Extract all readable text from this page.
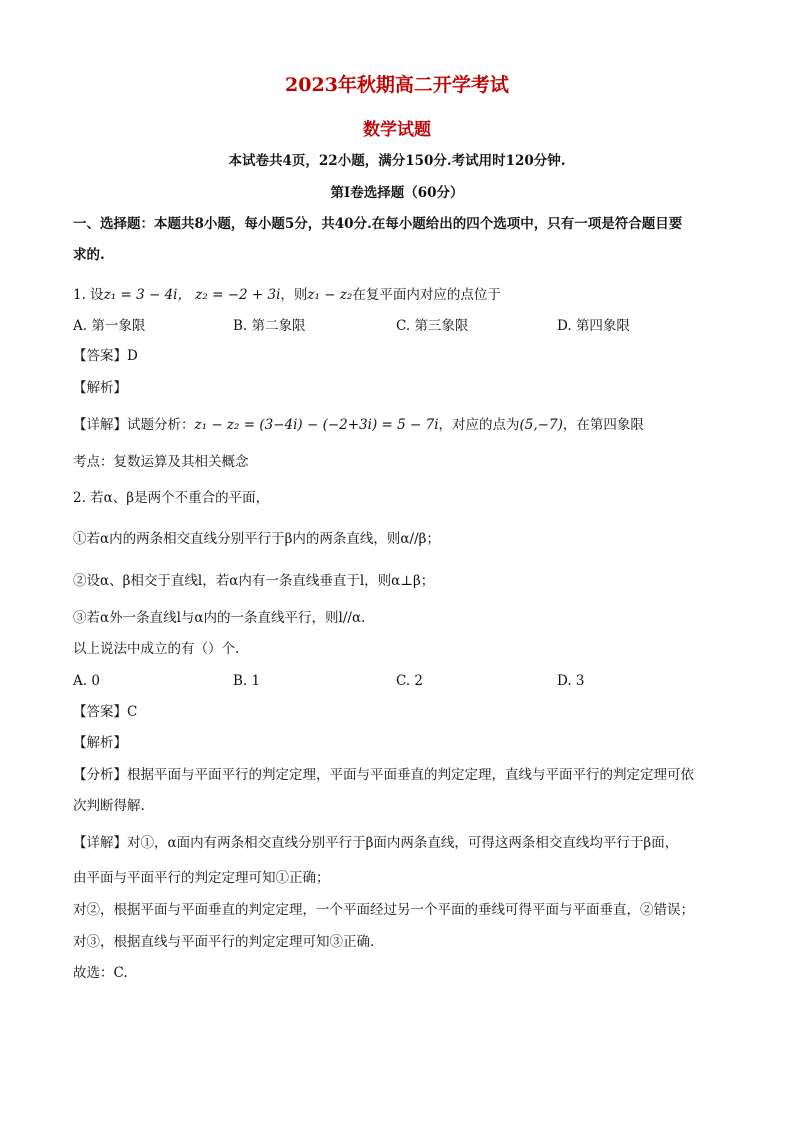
2023年秋期高二开学考试
数学试题
本试卷共4页，22小题，满分150分.考试用时120分钟.
第I卷选择题（60分）
一、选择题：本题共8小题，每小题5分，共40分.在每小题给出的四个选项中，只有一项是符合题目要
求的.
1. 设z₁ = 3 − 4i， z₂ = −2 + 3i，则z₁ − z₂在复平面内对应的点位于
A. 第一象限	B. 第二象限	C. 第三象限	D. 第四象限
【答案】D
【解析】
【详解】试题分析：z₁ − z₂ = (3−4i) − (−2+3i) = 5 − 7i，对应的点为(5,−7)，在第四象限
考点：复数运算及其相关概念
2. 若α、β是两个不重合的平面，
①若α内的两条相交直线分别平行于β内的两条直线，则α//β；
②设α、β相交于直线l，若α内有一条直线垂直于l，则α⊥β；
③若α外一条直线l与α内的一条直线平行，则l//α.
以上说法中成立的有（）个.
A. 0	B. 1	C. 2	D. 3
【答案】C
【解析】
【分析】根据平面与平面平行的判定定理，平面与平面垂直的判定定理，直线与平面平行的判定定理可依
次判断得解.
【详解】对①，α面内有两条相交直线分别平行于β面内两条直线，可得这两条相交直线均平行于β面，
由平面与平面平行的判定定理可知①正确；
对②，根据平面与平面垂直的判定定理，一个平面经过另一个平面的垂线可得平面与平面垂直，②错误；
对③，根据直线与平面平行的判定定理可知③正确.
故选：C.
